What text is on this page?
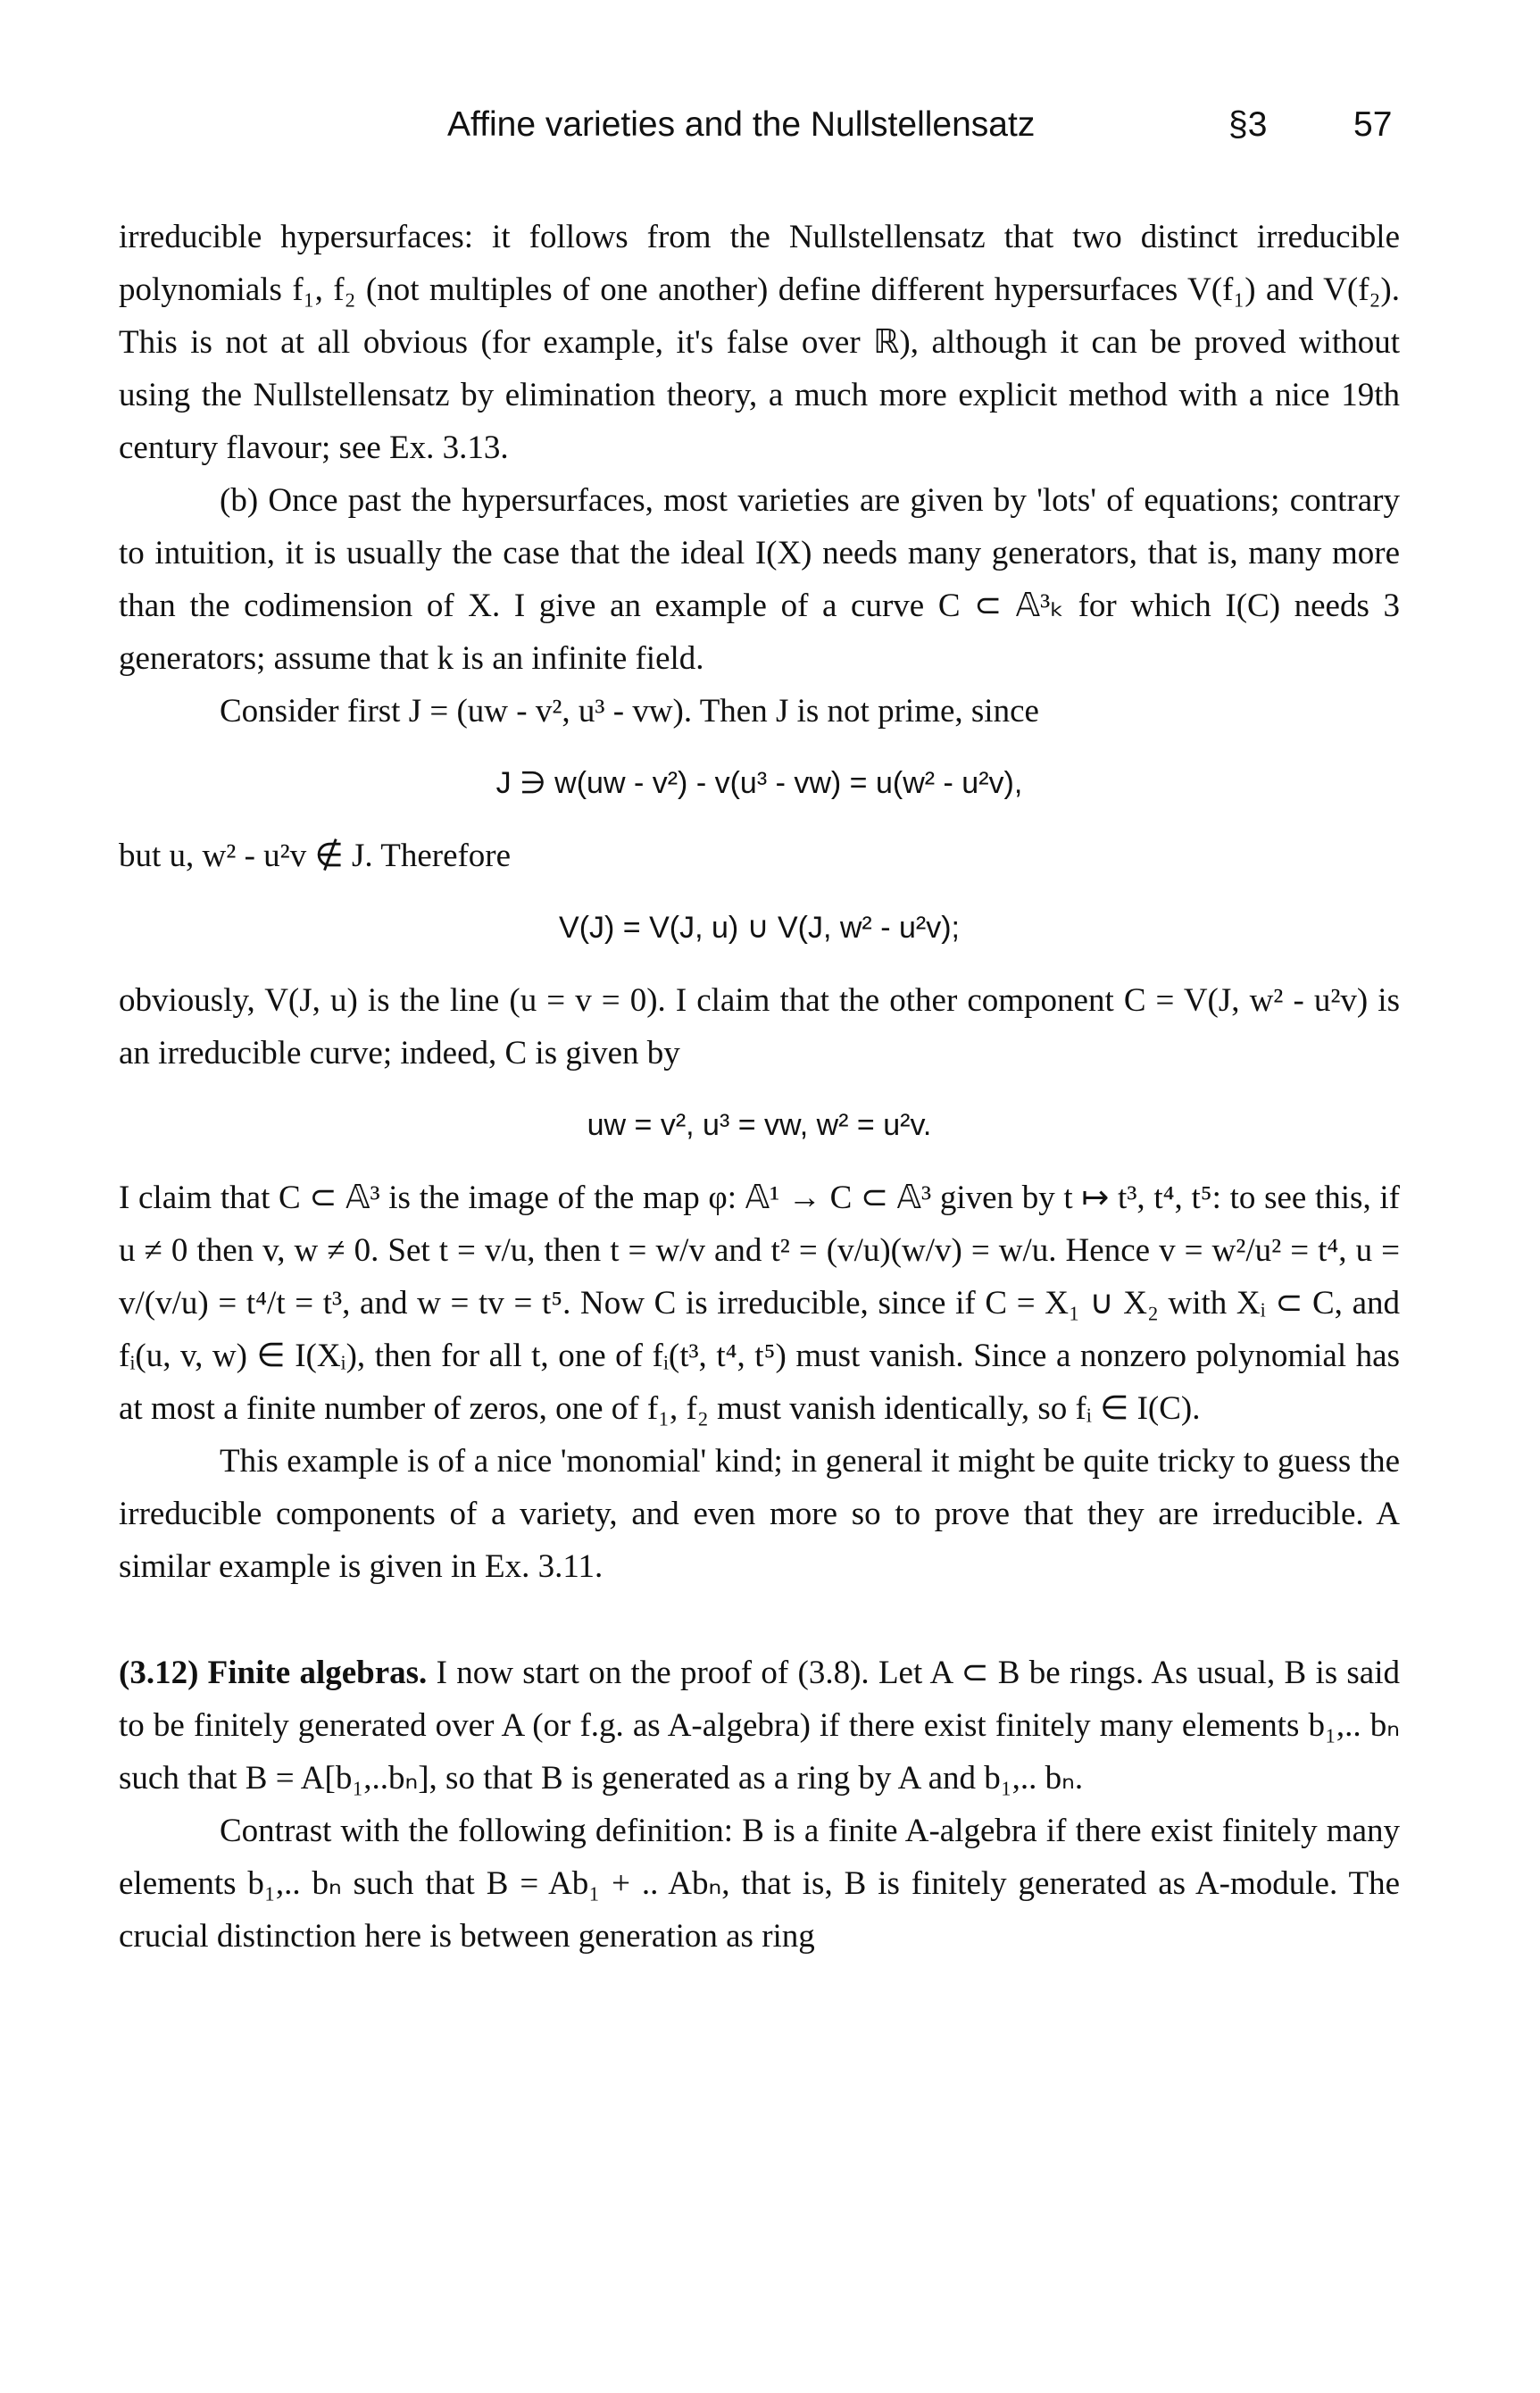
Affine varieties and the Nullstellensatz	§3 57

irreducible hypersurfaces: it follows from the Nullstellensatz that two distinct irreducible polynomials f₁, f₂ (not multiples of one another) define different hypersurfaces V(f₁) and V(f₂). This is not at all obvious (for example, it's false over ℝ), although it can be proved without using the Nullstellensatz by elimination theory, a much more explicit method with a nice 19th century flavour; see Ex. 3.13.

(b) Once past the hypersurfaces, most varieties are given by 'lots' of equations; contrary to intuition, it is usually the case that the ideal I(X) needs many generators, that is, many more than the codimension of X. I give an example of a curve C ⊂ 𝔸³ₖ for which I(C) needs 3 generators; assume that k is an infinite field.

Consider first J = (uw - v², u³ - vw). Then J is not prime, since

J ∋ w(uw - v²) - v(u³ - vw) = u(w² - u²v),

but u, w² - u²v ∉ J. Therefore

V(J) = V(J, u) ∪ V(J, w² - u²v);

obviously, V(J, u) is the line (u = v = 0). I claim that the other component C = V(J, w² - u²v) is an irreducible curve; indeed, C is given by

uw = v², u³ = vw, w² = u²v.

I claim that C ⊂ 𝔸³ is the image of the map φ: 𝔸¹ → C ⊂ 𝔸³ given by t ↦ t³, t⁴, t⁵: to see this, if u ≠ 0 then v, w ≠ 0. Set t = v/u, then t = w/v and t² = (v/u)(w/v) = w/u. Hence v = w²/u² = t⁴, u = v/(v/u) = t⁴/t = t³, and w = tv = t⁵. Now C is irreducible, since if C = X₁ ∪ X₂ with Xᵢ ⊂ C, and fᵢ(u, v, w) ∈ I(Xᵢ), then for all t, one of fᵢ(t³, t⁴, t⁵) must vanish. Since a nonzero polynomial has at most a finite number of zeros, one of f₁, f₂ must vanish identically, so fᵢ ∈ I(C).

This example is of a nice 'monomial' kind; in general it might be quite tricky to guess the irreducible components of a variety, and even more so to prove that they are irreducible. A similar example is given in Ex. 3.11.

(3.12) Finite algebras. I now start on the proof of (3.8). Let A ⊂ B be rings. As usual, B is said to be finitely generated over A (or f.g. as A-algebra) if there exist finitely many elements b₁,.. bₙ such that B = A[b₁,..bₙ], so that B is generated as a ring by A and b₁,.. bₙ.

Contrast with the following definition: B is a finite A-algebra if there exist finitely many elements b₁,.. bₙ such that B = Ab₁ + .. Abₙ, that is, B is finitely generated as A-module. The crucial distinction here is between generation as ring
